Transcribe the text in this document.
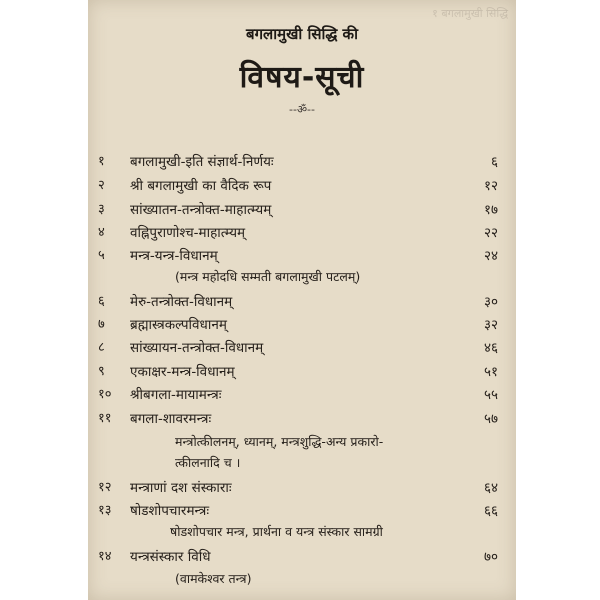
१ बगलामुखी सिद्धि
बगलामुखी सिद्धि की
विषय-सूची
--ॐ--
१ बगलामुखी-इति संज्ञार्थ-निर्णयः	६
२ श्री बगलामुखी का वैदिक रूप	१२
३ सांख्यातन-तन्त्रोक्त-माहात्म्यम्	१७
४ वह्निपुराणोश्च-माहात्म्यम्	२२
५ मन्त्र-यन्त्र-विधानम्	२४
(मन्त्र महोदधि सम्मती बगलामुखी पटलम्)
६ मेरु-तन्त्रोक्त-विधानम्	३०
७ ब्रह्मास्त्रकल्पविधानम्	३२
८ सांख्यायन-तन्त्रोक्त-विधानम्	४६
९ एकाक्षर-मन्त्र-विधानम्	५१
१० श्रीबगला-मायामन्त्रः	५५
११ बगला-शावरमन्त्रः	५७
मन्त्रोत्कीलनम्, ध्यानम्, मन्त्रशुद्धि-अन्य प्रकारो-
त्कीलनादि च ।
१२ मन्त्राणां दश संस्काराः	६४
१३ षोडशोपचारमन्त्रः	६६
षोडशोपचार मन्त्र, प्रार्थना व यन्त्र संस्कार सामग्री
१४ यन्त्रसंस्कार विधि	७०
(वामकेश्वर तन्त्र)
